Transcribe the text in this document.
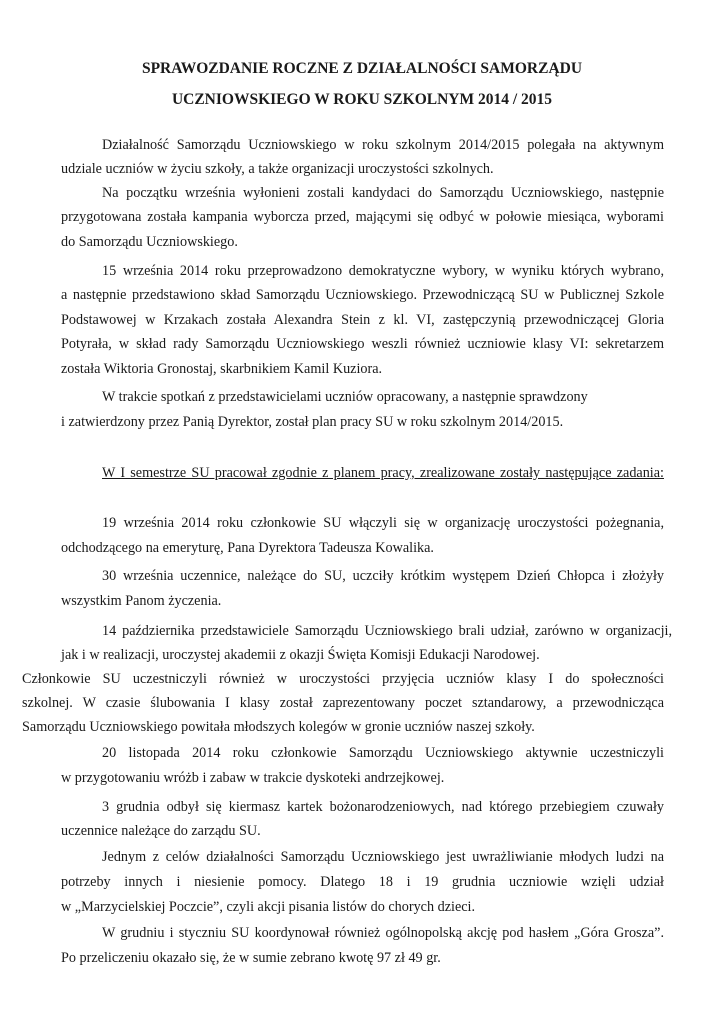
SPRAWOZDANIE ROCZNE Z DZIAŁALNOŚCI SAMORZĄDU
UCZNIOWSKIEGO W ROKU SZKOLNYM 2014 / 2015
Działalność Samorządu Uczniowskiego w roku szkolnym 2014/2015 polegała na aktywnym
udziale uczniów w życiu szkoły, a także organizacji uroczystości szkolnych.
Na początku września wyłonieni zostali kandydaci do Samorządu Uczniowskiego, następnie
przygotowana została kampania wyborcza przed, mającymi się odbyć w połowie miesiąca, wyborami
do Samorządu Uczniowskiego.
15 września 2014 roku przeprowadzono demokratyczne wybory, w wyniku których wybrano,
a następnie przedstawiono skład Samorządu Uczniowskiego. Przewodniczącą SU w Publicznej Szkole
Podstawowej w Krzakach została Alexandra Stein z kl. VI, zastępczynią przewodniczącej Gloria
Potyrała, w skład rady Samorządu Uczniowskiego weszli również uczniowie klasy VI: sekretarzem
została Wiktoria Gronostaj, skarbnikiem Kamil Kuziora.
W trakcie spotkań z przedstawicielami uczniów opracowany, a następnie sprawdzony
i zatwierdzony przez Panią Dyrektor, został plan pracy SU w roku szkolnym 2014/2015.
W I semestrze SU pracował zgodnie z planem pracy, zrealizowane zostały następujące zadania:
19 września 2014 roku członkowie SU włączyli się w organizację uroczystości pożegnania,
odchodzącego na emeryturę, Pana Dyrektora Tadeusza Kowalika.
30 września uczennice, należące do SU, uczciły krótkim występem Dzień Chłopca i złożyły
wszystkim Panom życzenia.
14 października przedstawiciele Samorządu Uczniowskiego brali udział, zarówno w organizacji,
jak i w realizacji, uroczystej akademii z okazji Święta Komisji Edukacji Narodowej.
Członkowie SU uczestniczyli również w uroczystości przyjęcia uczniów klasy I do społeczności
szkolnej. W czasie ślubowania I klasy został zaprezentowany poczet sztandarowy, a przewodnicząca
Samorządu Uczniowskiego powitała młodszych kolegów w gronie uczniów naszej szkoły.
20 listopada 2014 roku członkowie Samorządu Uczniowskiego aktywnie uczestniczyli
w przygotowaniu wróżb i zabaw w trakcie dyskoteki andrzejkowej.
3 grudnia odbył się kiermasz kartek bożonarodzeniowych, nad którego przebiegiem czuwały
uczennice należące do zarządu SU.
Jednym z celów działalności Samorządu Uczniowskiego jest uwrażliwianie młodych ludzi na
potrzeby innych i niesienie pomocy. Dlatego 18 i 19 grudnia uczniowie wzięli udział
w „Marzycielskiej Poczcie”, czyli akcji pisania listów do chorych dzieci.
W grudniu i styczniu SU koordynował również ogólnopolską akcję pod hasłem „Góra Grosza”.
Po przeliczeniu okazało się, że w sumie zebrano kwotę 97 zł 49 gr.
